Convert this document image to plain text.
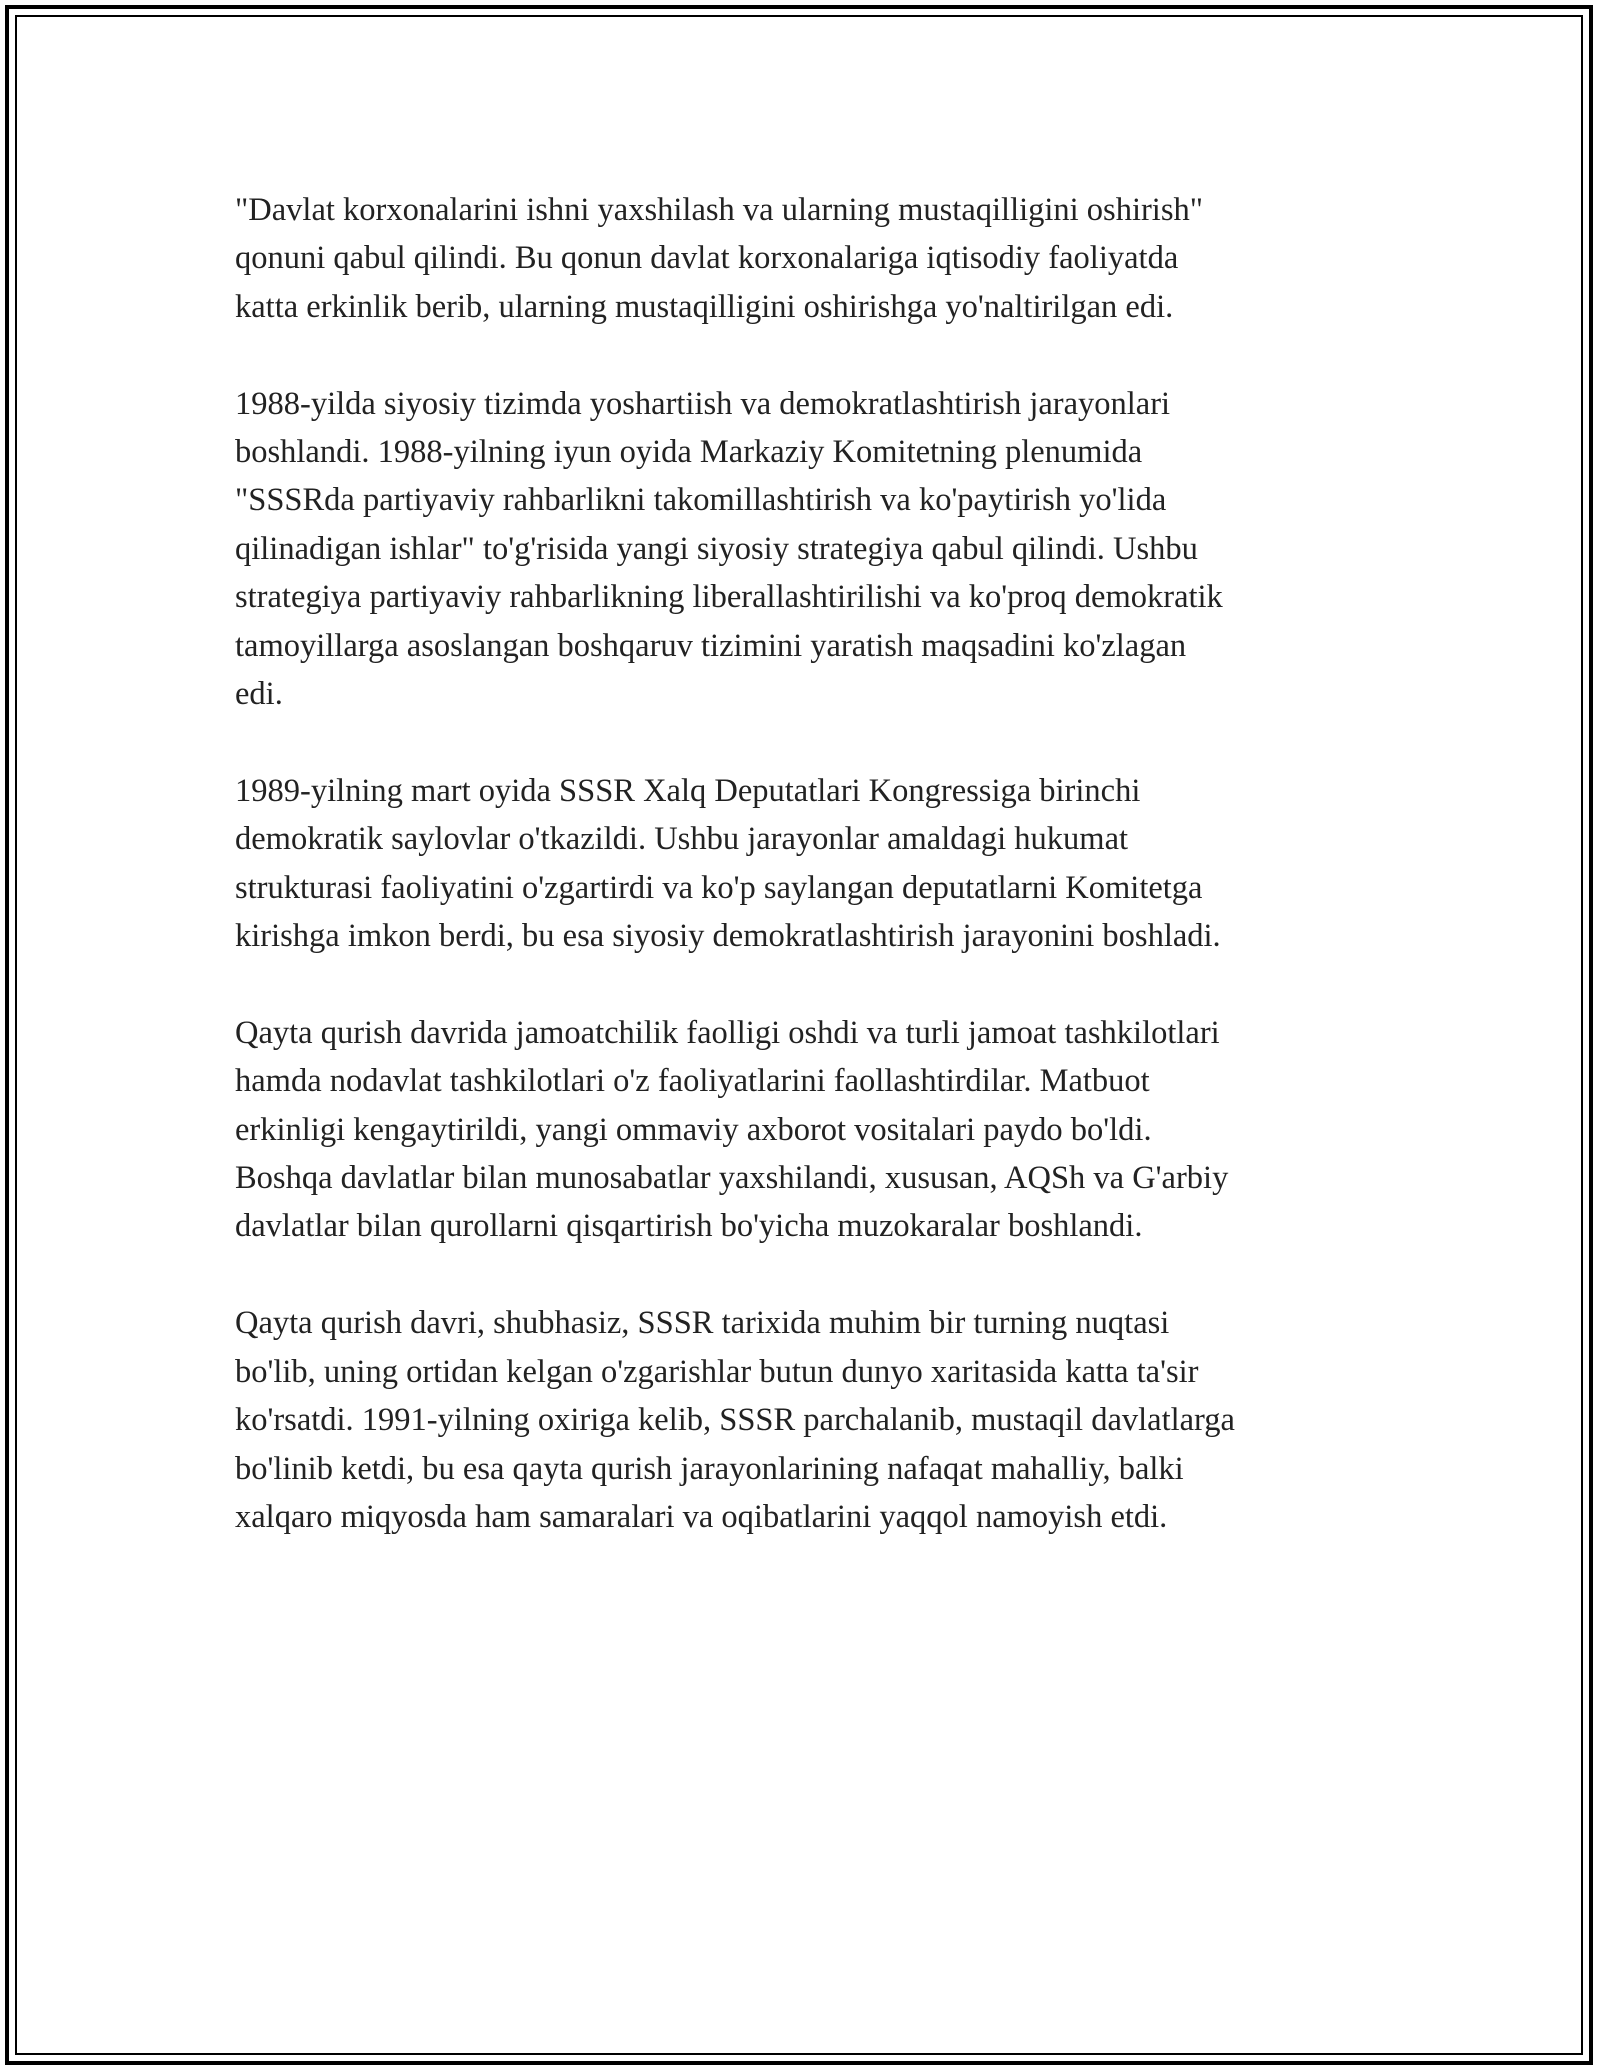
"Davlat korxonalarini ishni yaxshilash va ularning mustaqilligini oshirish"
qonuni qabul qilindi. Bu qonun davlat korxonalariga iqtisodiy faoliyatda
katta erkinlik berib, ularning mustaqilligini oshirishga yo'naltirilgan edi.

1988-yilda siyosiy tizimda yoshartiish va demokratlashtirish jarayonlari
boshlandi. 1988-yilning iyun oyida Markaziy Komitetning plenumida
"SSSRda partiyaviy rahbarlikni takomillashtirish va ko'paytirish yo'lida
qilinadigan ishlar" to'g'risida yangi siyosiy strategiya qabul qilindi. Ushbu
strategiya partiyaviy rahbarlikning liberallashtirilishi va ko'proq demokratik
tamoyillarga asoslangan boshqaruv tizimini yaratish maqsadini ko'zlagan
edi.

1989-yilning mart oyida SSSR Xalq Deputatlari Kongressiga birinchi
demokratik saylovlar o'tkazildi. Ushbu jarayonlar amaldagi hukumat
strukturasi faoliyatini o'zgartirdi va ko'p saylangan deputatlarni Komitetga
kirishga imkon berdi, bu esa siyosiy demokratlashtirish jarayonini boshladi.

Qayta qurish davrida jamoatchilik faolligi oshdi va turli jamoat tashkilotlari
hamda nodavlat tashkilotlari o'z faoliyatlarini faollashtirdilar. Matbuot
erkinligi kengaytirildi, yangi ommaviy axborot vositalari paydo bo'ldi.
Boshqa davlatlar bilan munosabatlar yaxshilandi, xususan, AQSh va G'arbiy
davlatlar bilan qurollarni qisqartirish bo'yicha muzokaralar boshlandi.

Qayta qurish davri, shubhasiz, SSSR tarixida muhim bir turning nuqtasi
bo'lib, uning ortidan kelgan o'zgarishlar butun dunyo xaritasida katta ta'sir
ko'rsatdi. 1991-yilning oxiriga kelib, SSSR parchalanib, mustaqil davlatlarga
bo'linib ketdi, bu esa qayta qurish jarayonlarining nafaqat mahalliy, balki
xalqaro miqyosda ham samaralari va oqibatlarini yaqqol namoyish etdi.
